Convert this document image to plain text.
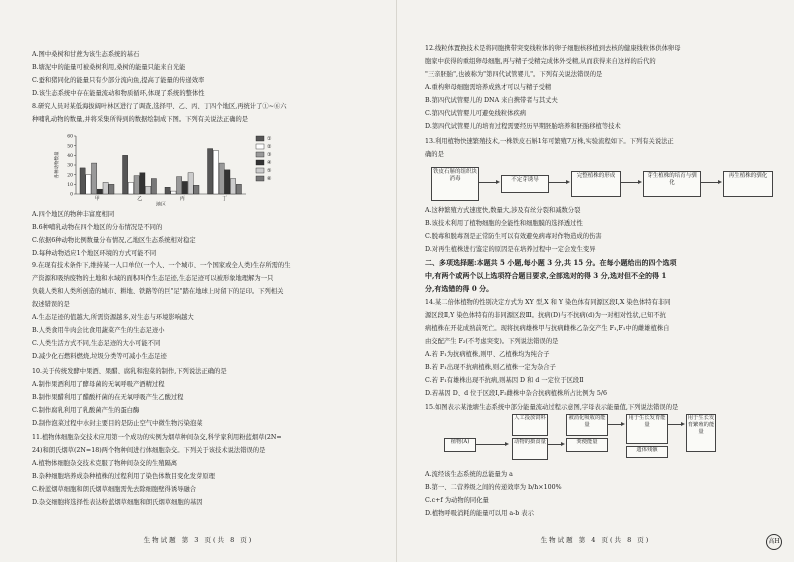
A.图中桑树和甘蔗为该生态系统的基石

B.塘泥中的能量可被桑树利用,桑树的能量只能来自光能

C.蚕和猪同化的能量只有少部分流向鱼,提高了能量的传递效率

D.该生态系统中存在能量流动和物质循环,体现了系统的整体性

8.研究人员对某低海拔阔叶林区进行了调查,选择甲、乙、丙、丁四个地区,再统计了①~⑥六

种哺乳动物的数量,并将采集所得到的数据绘制成下图。下列有关说法正确的是

60
50
40
30
20
10
0
各种动物数量
甲	乙	丙	丁
地区
①
②
③
④
⑤
⑥

A.四个地区的物种丰富度相同

B.6种哺乳动物在四个地区的分布情况是不同的

C.依据6种动物比例数量分布情况,乙地区生态系统相对稳定

D.每种动物适应1个地区环境的方式可能不同

9.在现有技术条件下,维持某一人口单位(一个人、一个城市、一个国家或全人类)生存所需的生

产资源和吸纳废物的土地和水域的面积叫作生态足迹,生态足迹可以被形象地理解为一只

负载人类和人类所创造的城市、耕地、铁路等的巨"足"踏在地球上时留下的足印。下列相关

叙述错误的是

A.生态足迹的值越大,所需资源越多,对生态与环境影响越大

B.人类食用牛肉会比食用蔬菜产生的生态足迹小

C.人类生活方式不同,生态足迹的大小可能不同

D.减少化石燃料燃烧,垃圾分类等可减小生态足迹

10.关于传统发酵中果酒、果醋、腐乳和泡菜的制作,下列说法正确的是

A.制作果酒利用了酵母菌的无氧呼吸产酒精过程

B.制作果醋利用了醋酸杆菌的在无氧呼吸产生乙酸过程

C.制作腐乳利用了乳酸菌产生的蛋白酶

D.制作泡菜过程中水封主要目的是防止空气中微生物污染泡菜

11.植物体细胞杂交技术应用第一个成功的实例为烟草种间杂交,科学家利用粉蓝烟草(2N=

24)和朗氏烟草(2N=18)两个物种间进行体细胞杂交。下列关于该技术说法错误的是

A.植物体细胞杂交技术克服了物种间杂交的生殖隔离

B.杂种细胞培养成杂种植株的过程利用了染色体数目变化发芽原理

C.粉蓝烟草细胞和朗氏烟草细胞需先去除细胞壁得诱导融合

D.杂交细胞将选择性表达粉蓝烟草细胞和朗氏烟草细胞的基因

生物试题 第 3 页(共 8 页)

12.线粒体置换技术是将同胞携带突变线粒体的卵子细胞核移植到去核的健康线粒体供体卵母

胞家中获得的重组卵母细胞,再与精子受精完成体外受精,从而获得来自这样的后代的

"三亲胚胎",也被称为"第四代试管婴儿"。下列有关说法错误的是

A.重构卵母细胞需培养成熟才可以与精子受精

B.第四代试管婴儿的 DNA 来自携带者与其丈夫

C.第四代试管婴儿可避免线粒体疾病

D.第四代试管婴儿的培育过程需要经历早期胚胎培养和胚胎移植等技术

13.利用植物快速繁殖技术,一株铁皮石斛1年可繁殖7万株,实验流程如下。下列有关说法正

确的是

铁皮石斛的组织块消毒	不定芽诱导
完整植株的形成	芽生植株的培育与驯化
再生植株的驯化

A.这种繁殖方式速度快,数量大,涉及有丝分裂和减数分裂

B.该技术利用了植物细胞的全能性和细胞膜的选择透过性

C.脱毒和脱毒剂是正常防生可以有效避免病毒对作物造成的伤害

D.对再生植株进行鉴定的原因是在培养过程中一定会发生变异

二、多项选择题:本题共 5 小题,每小题 3 分,共 15 分。在每小题给出的四个选项

中,有两个或两个以上选项符合题目要求,全部选对的得 3 分,选对但不全的得 1

分,有选错的得 0 分。

14.某二倍体植物的性别决定方式为 XY 型,X 和 Y 染色体有同源区段Ⅰ,X 染色体特有非同

源区段Ⅱ,Y 染色体特有的非同源区段Ⅲ。抗病(D)与不抗病(d)为一对相对性状,已知不抗

病植株在开花成熟前死亡。现将抗病雄株甲与抗病雌株乙杂交产生 F₁,F₁中的雌雄植株自

由交配产生 F₂(不考虑突变)。下列说法错误的是

A.若 F₁为抗病植株,则甲、乙植株均为纯合子

B.若 F₁出现不抗病植株,则乙植株一定为杂合子

C.若 F₁有雄株出现不抗病,则基因 D 和 d 一定位于区段Ⅱ

D.若基因 D、d 位于区段Ⅰ,F₂雌株中杂合抗病植株所占比例为 5/6

15.如图表示某池塘生态系统中部分能量流动过程示意图,字母表示能量值,下列说法错误的是

人工投放饲料
植物(A)	动物的摄食量
被消化吸收的能量
粪便能量
用于生长发育能量
用于生长发育繁殖的能量
遗体残骸

A.流经该生态系统的总能量为 a

B.第一、二营养级之间的传递效率为 b/h×100%

C.c+f 为动物的同化量

D.植物呼吸消耗的能量可以用 a-b 表示

生物试题 第 4 页(共 8 页)	高H
